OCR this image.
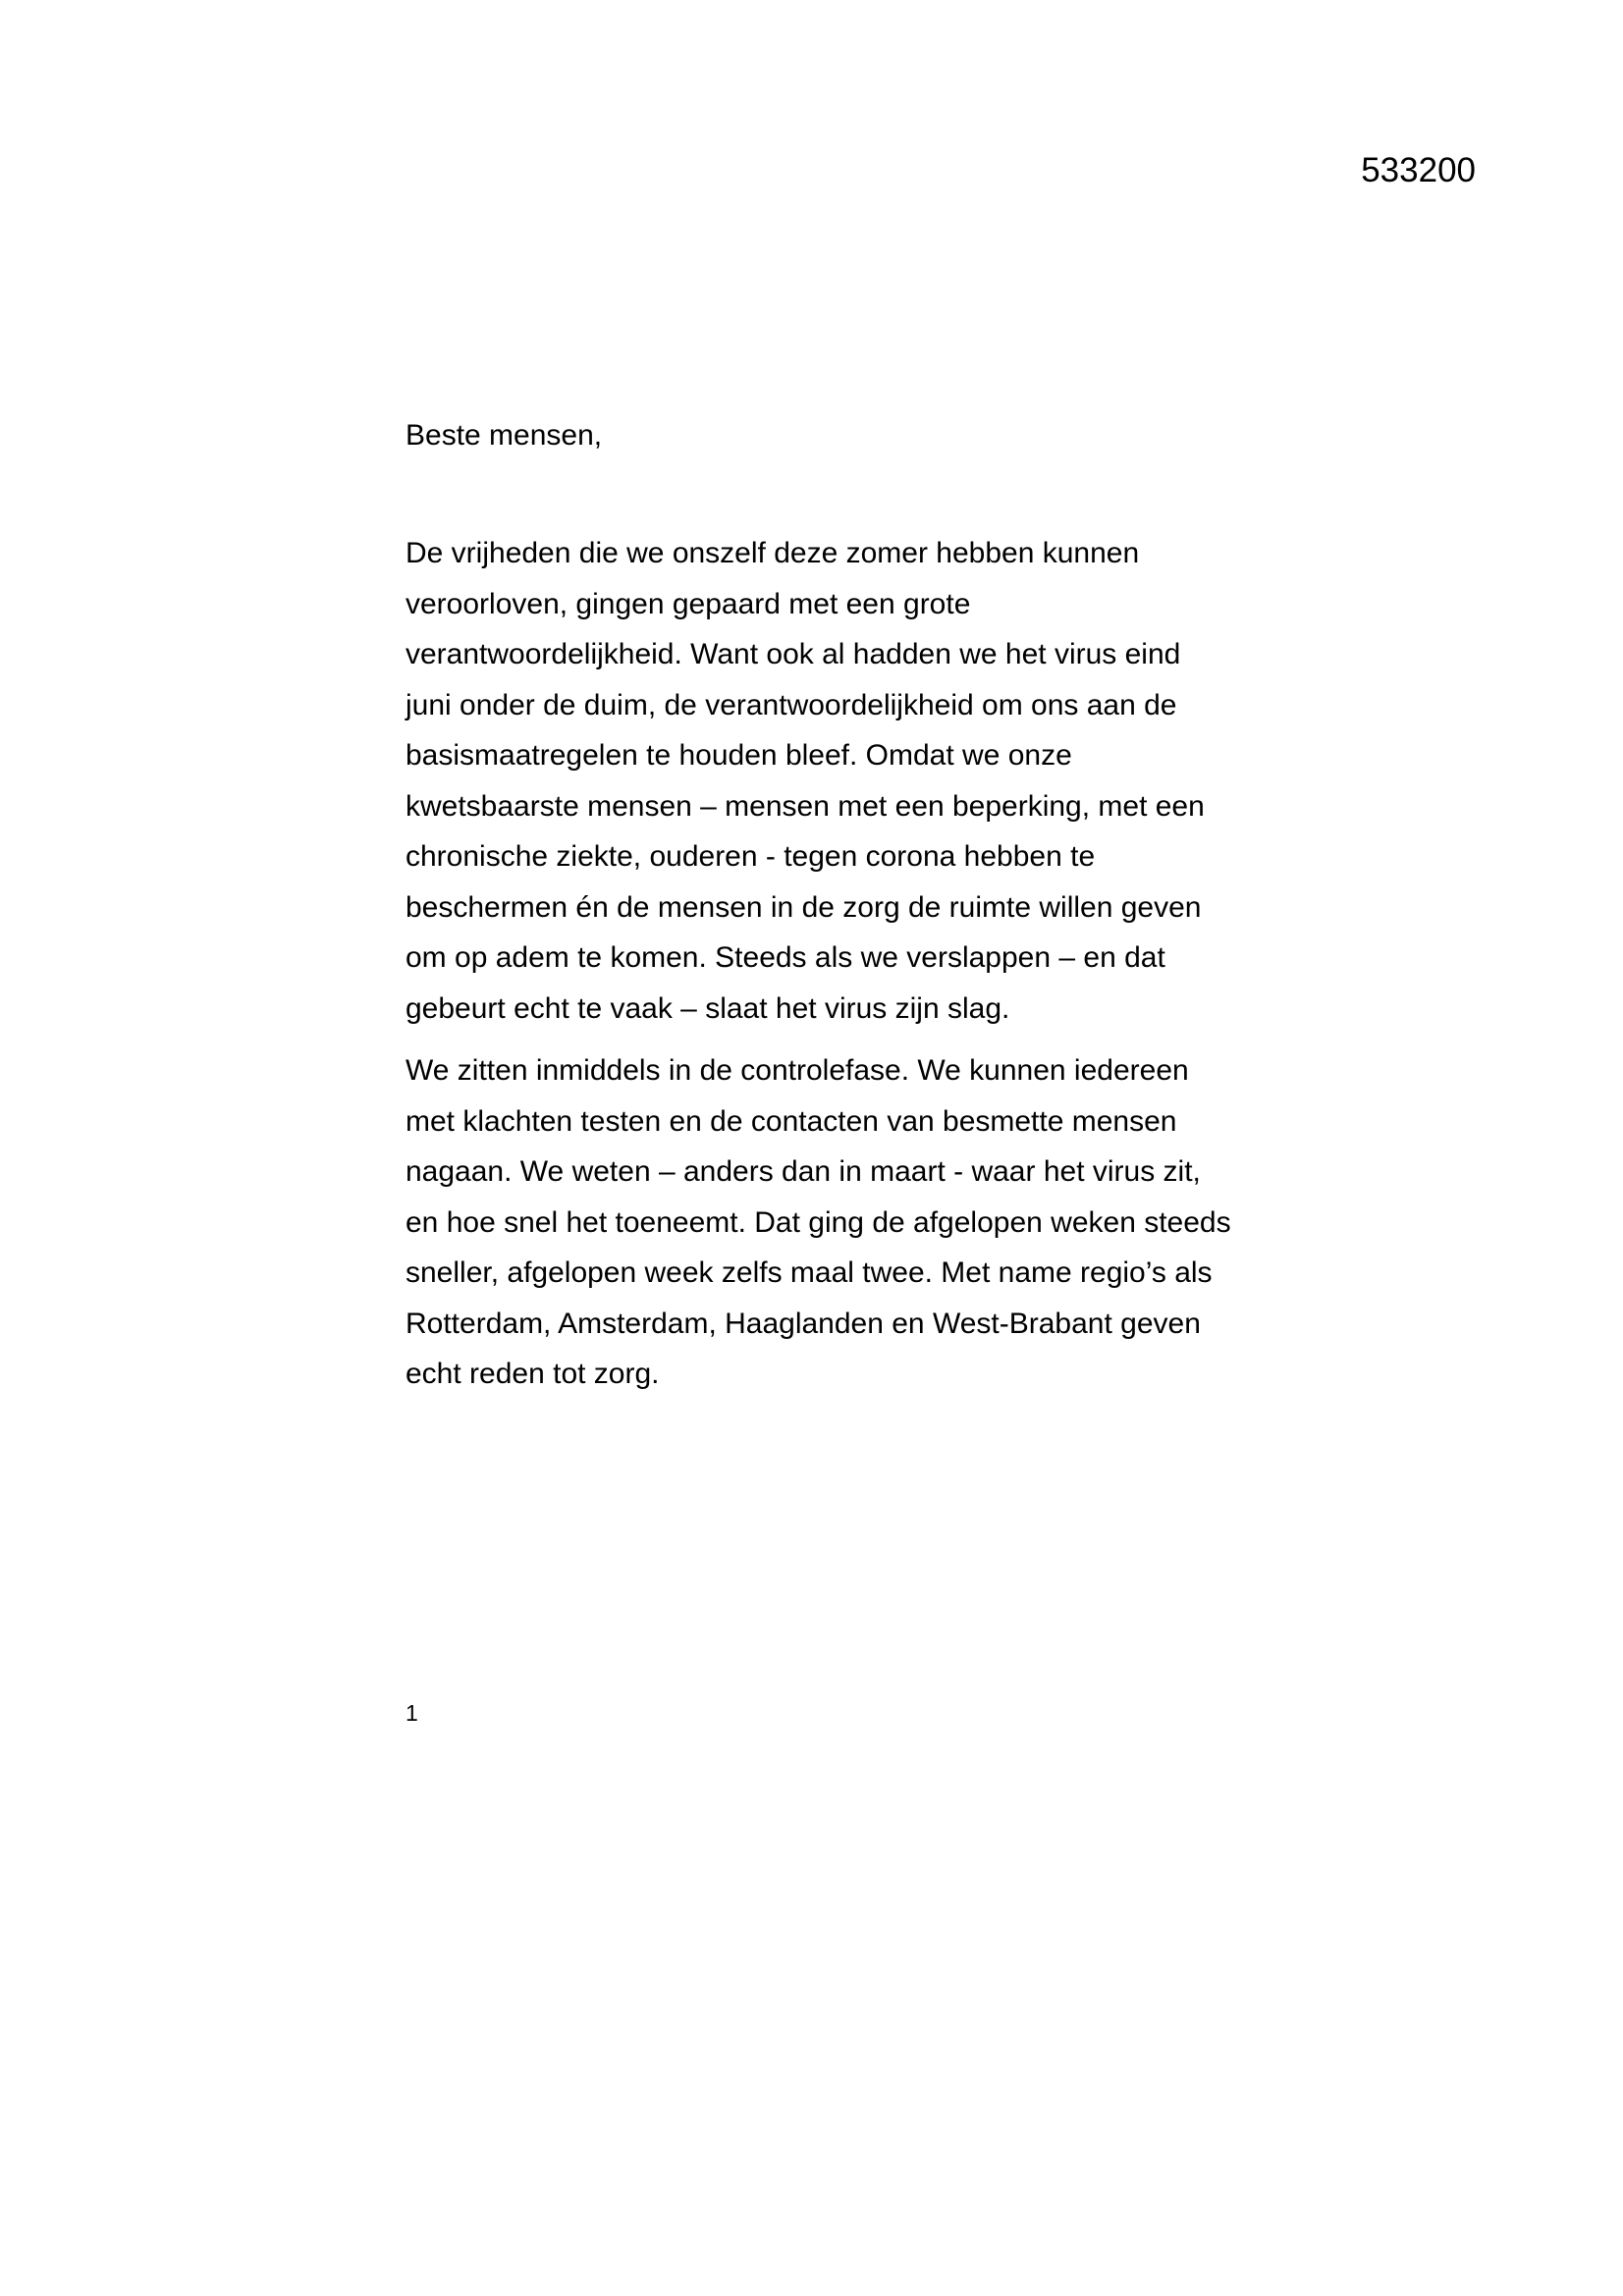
533200
Beste mensen,
De vrijheden die we onszelf deze zomer hebben kunnen
veroorloven, gingen gepaard met een grote
verantwoordelijkheid. Want ook al hadden we het virus eind
juni onder de duim, de verantwoordelijkheid om ons aan de
basismaatregelen te houden bleef. Omdat we onze
kwetsbaarste mensen – mensen met een beperking, met een
chronische ziekte, ouderen - tegen corona hebben te
beschermen én de mensen in de zorg de ruimte willen geven
om op adem te komen. Steeds als we verslappen – en dat
gebeurt echt te vaak – slaat het virus zijn slag.
We zitten inmiddels in de controlefase. We kunnen iedereen
met klachten testen en de contacten van besmette mensen
nagaan. We weten – anders dan in maart - waar het virus zit,
en hoe snel het toeneemt. Dat ging de afgelopen weken steeds
sneller, afgelopen week zelfs maal twee. Met name regio’s als
Rotterdam, Amsterdam, Haaglanden en West-Brabant geven
echt reden tot zorg.
1
